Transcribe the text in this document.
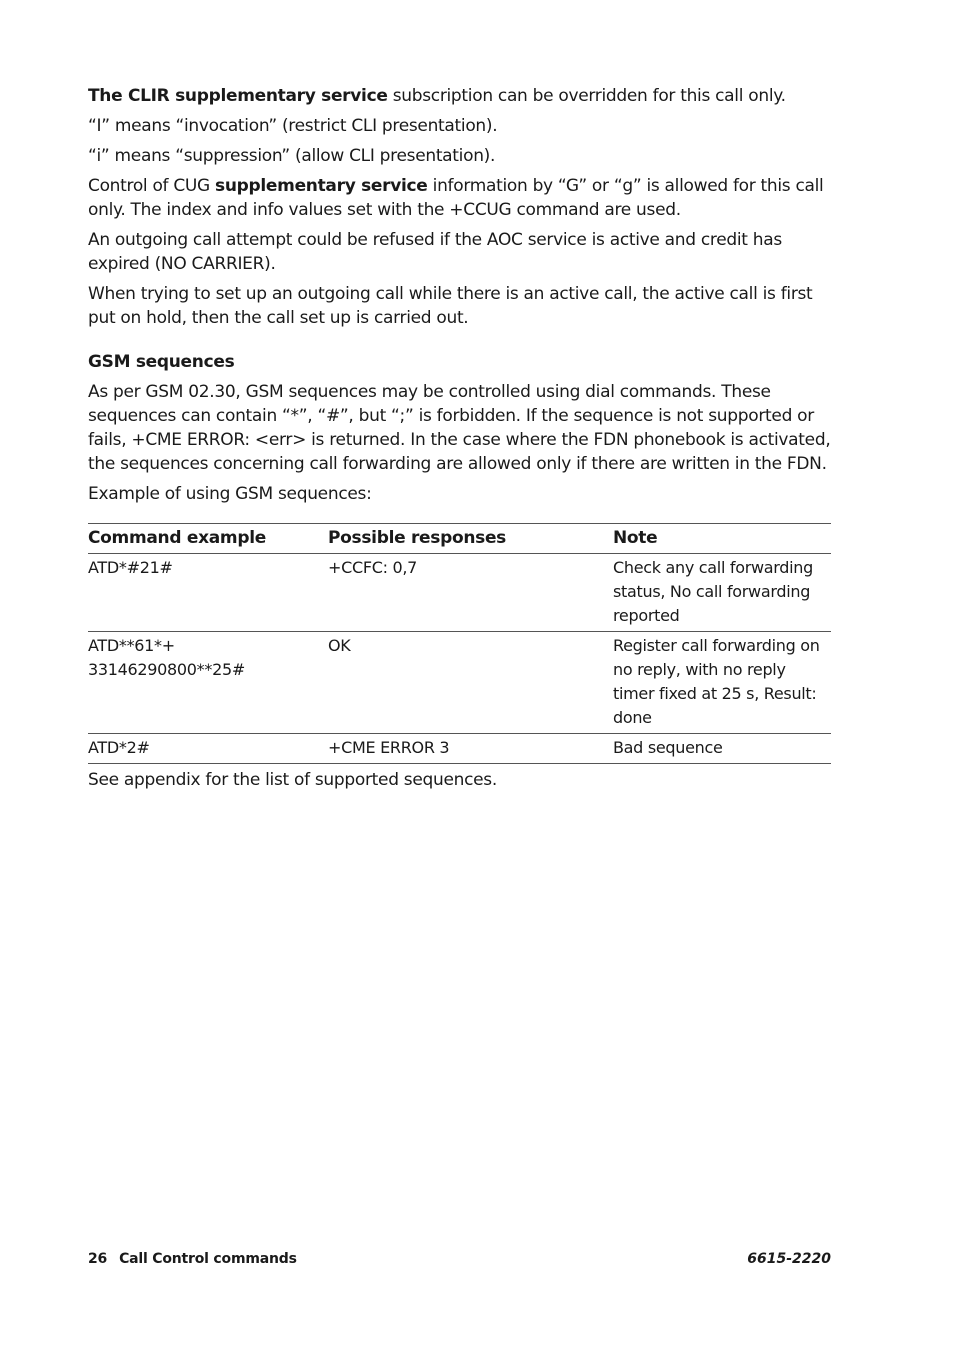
The CLIR supplementary service subscription can be overridden for this call only.

“I” means “invocation” (restrict CLI presentation).

“i” means “suppression” (allow CLI presentation).

Control of CUG supplementary service information by “G” or “g” is allowed for this call only. The index and info values set with the +CCUG command are used.

An outgoing call attempt could be refused if the AOC service is active and credit has expired (NO CARRIER).

When trying to set up an outgoing call while there is an active call, the active call is first put on hold, then the call set up is carried out.

GSM sequences

As per GSM 02.30, GSM sequences may be controlled using dial commands. These sequences can contain “*”, “#”, but “;” is forbidden. If the sequence is not supported or fails, +CME ERROR: <err> is returned. In the case where the FDN phonebook is activated, the sequences concerning call forwarding are allowed only if there are written in the FDN.

Example of using GSM sequences:

Command example	Possible responses	Note
ATD*#21#	+CCFC: 0,7	Check any call forwarding status, No call forwarding reported
ATD**61*+ 33146290800**25#	OK	Register call forwarding on no reply, with no reply timer fixed at 25 s, Result: done
ATD*2#	+CME ERROR 3	Bad sequence

See appendix for the list of supported sequences.

26 Call Control commands	6615-2220
